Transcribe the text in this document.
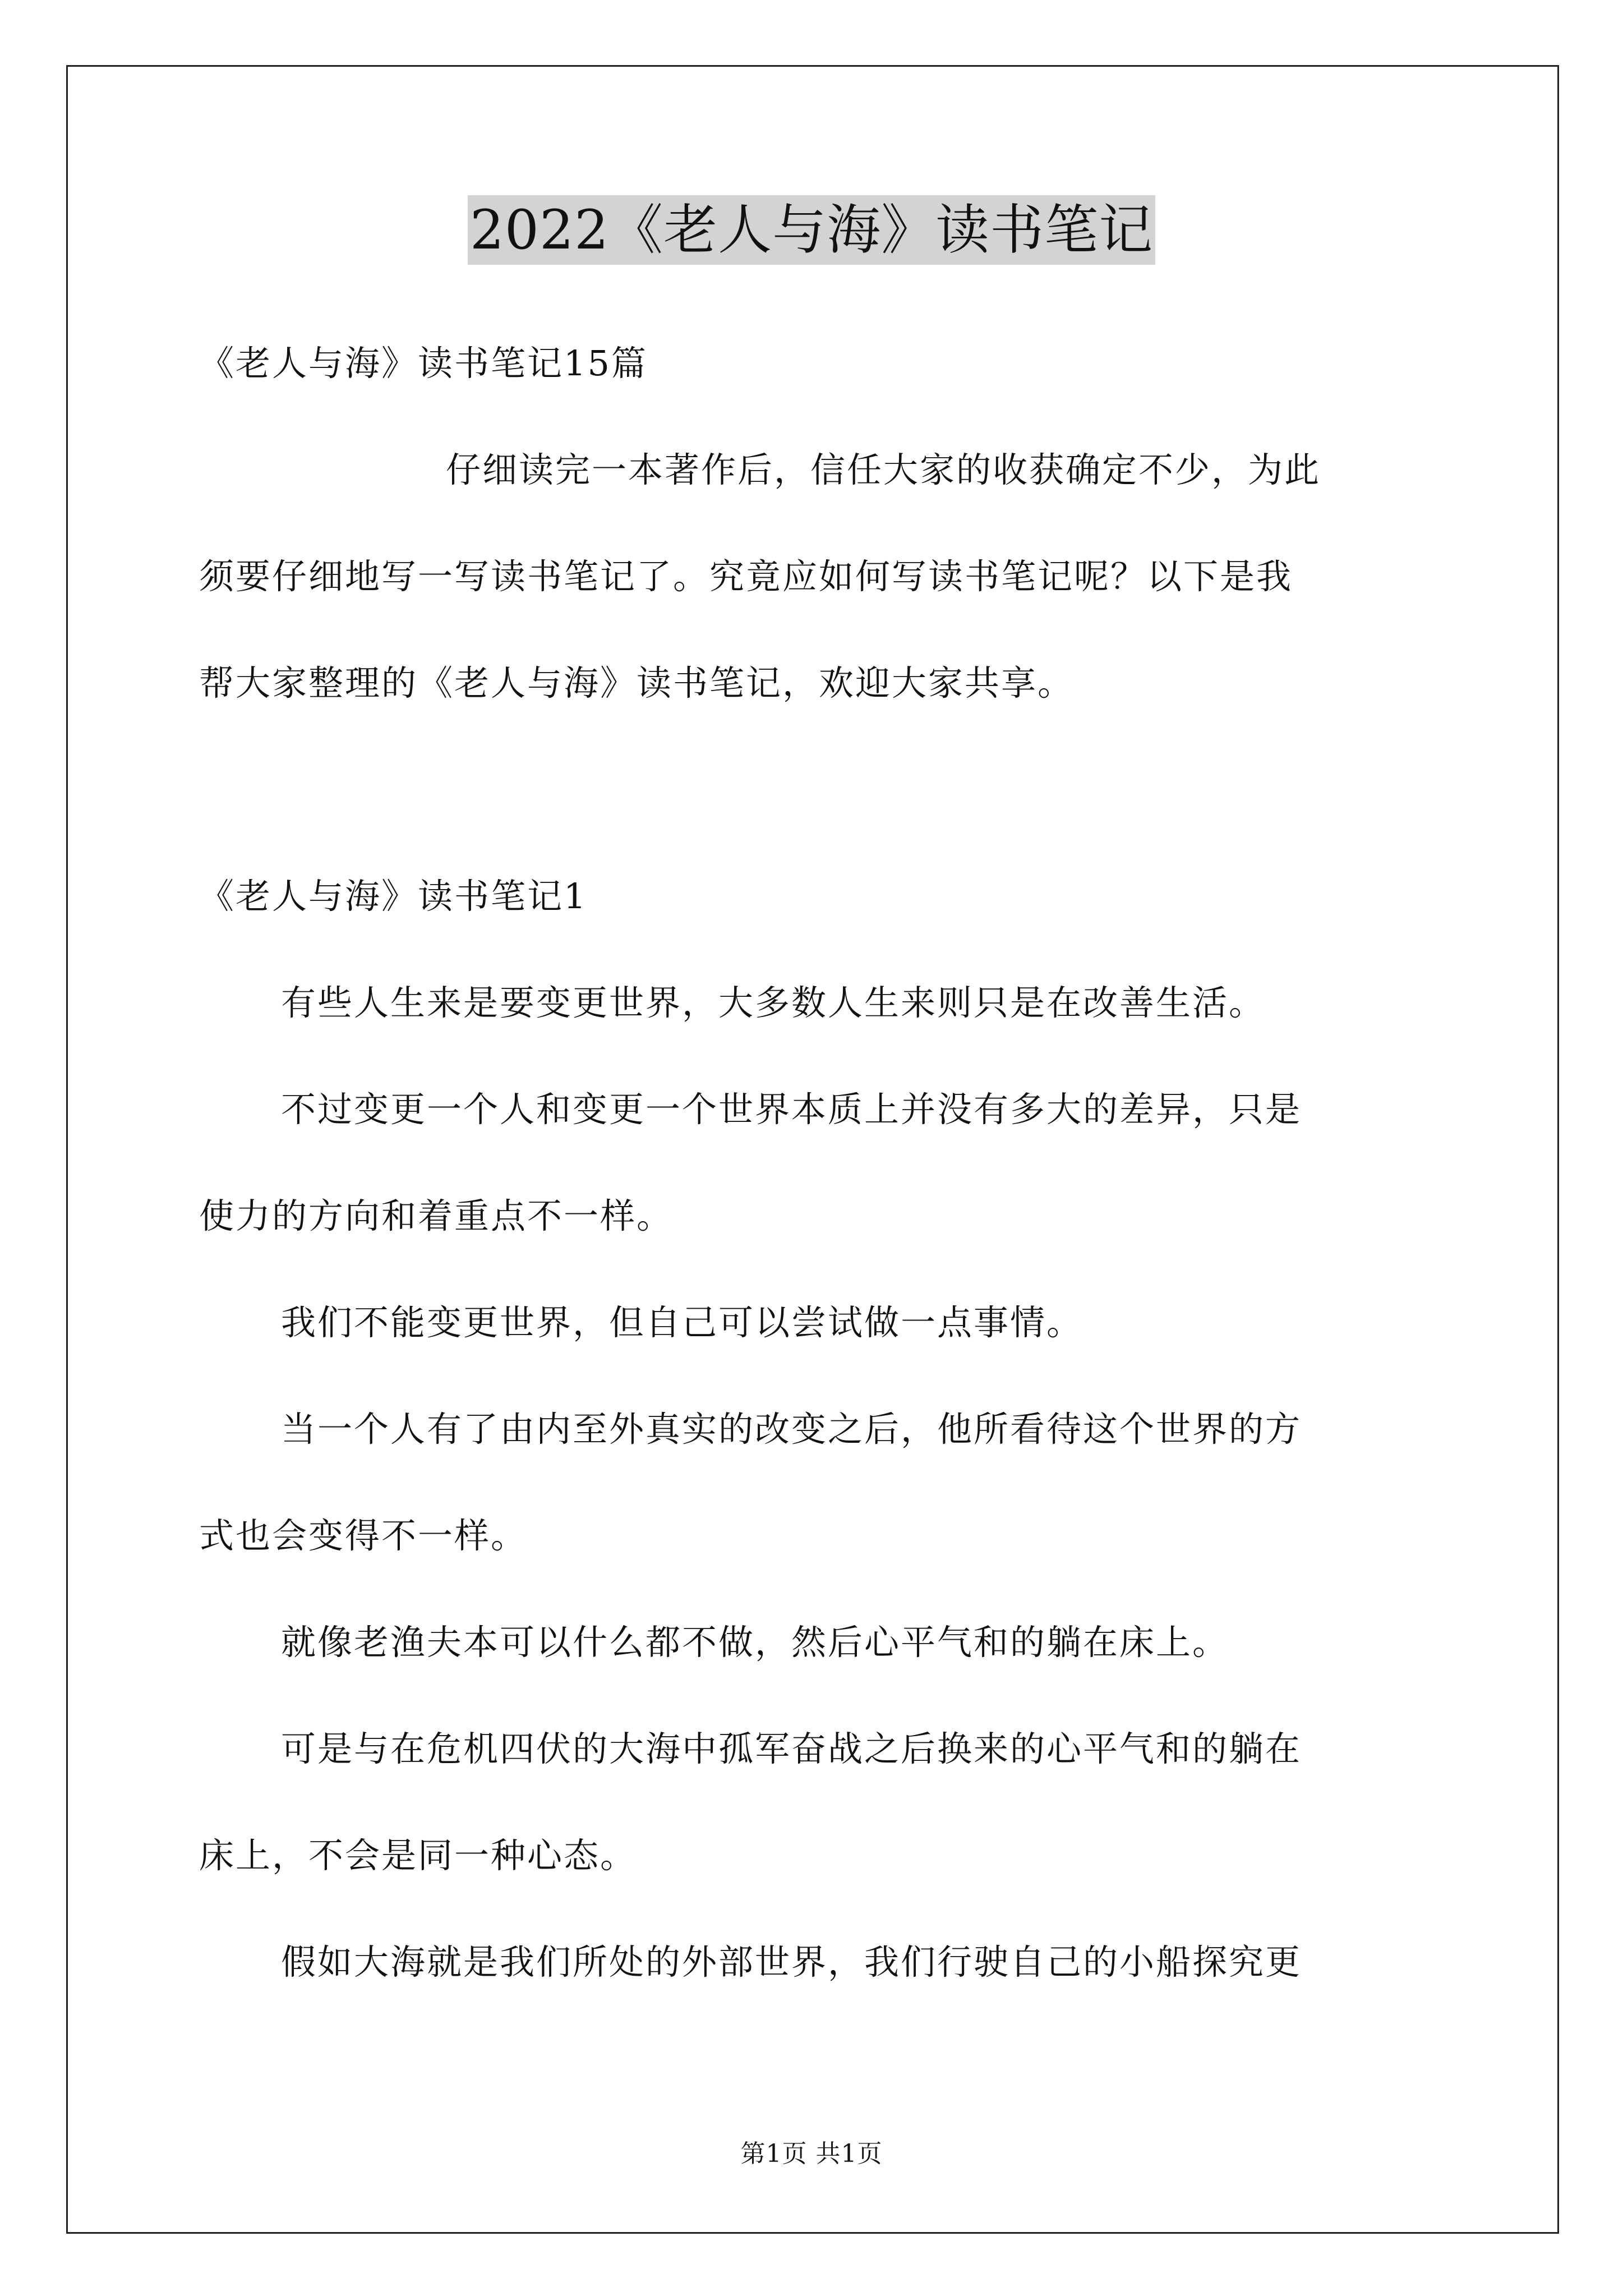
2022《老人与海》读书笔记
《老人与海》读书笔记15篇
仔细读完一本著作后，信任大家的收获确定不少，为此
须要仔细地写一写读书笔记了。究竟应如何写读书笔记呢？以下是我
帮大家整理的《老人与海》读书笔记，欢迎大家共享。
《老人与海》读书笔记1
有些人生来是要变更世界，大多数人生来则只是在改善生活。
不过变更一个人和变更一个世界本质上并没有多大的差异，只是
使力的方向和着重点不一样。
我们不能变更世界，但自己可以尝试做一点事情。
当一个人有了由内至外真实的改变之后，他所看待这个世界的方
式也会变得不一样。
就像老渔夫本可以什么都不做，然后心平气和的躺在床上。
可是与在危机四伏的大海中孤军奋战之后换来的心平气和的躺在
床上，不会是同一种心态。
假如大海就是我们所处的外部世界，我们行驶自己的小船探究更
第1页 共1页
